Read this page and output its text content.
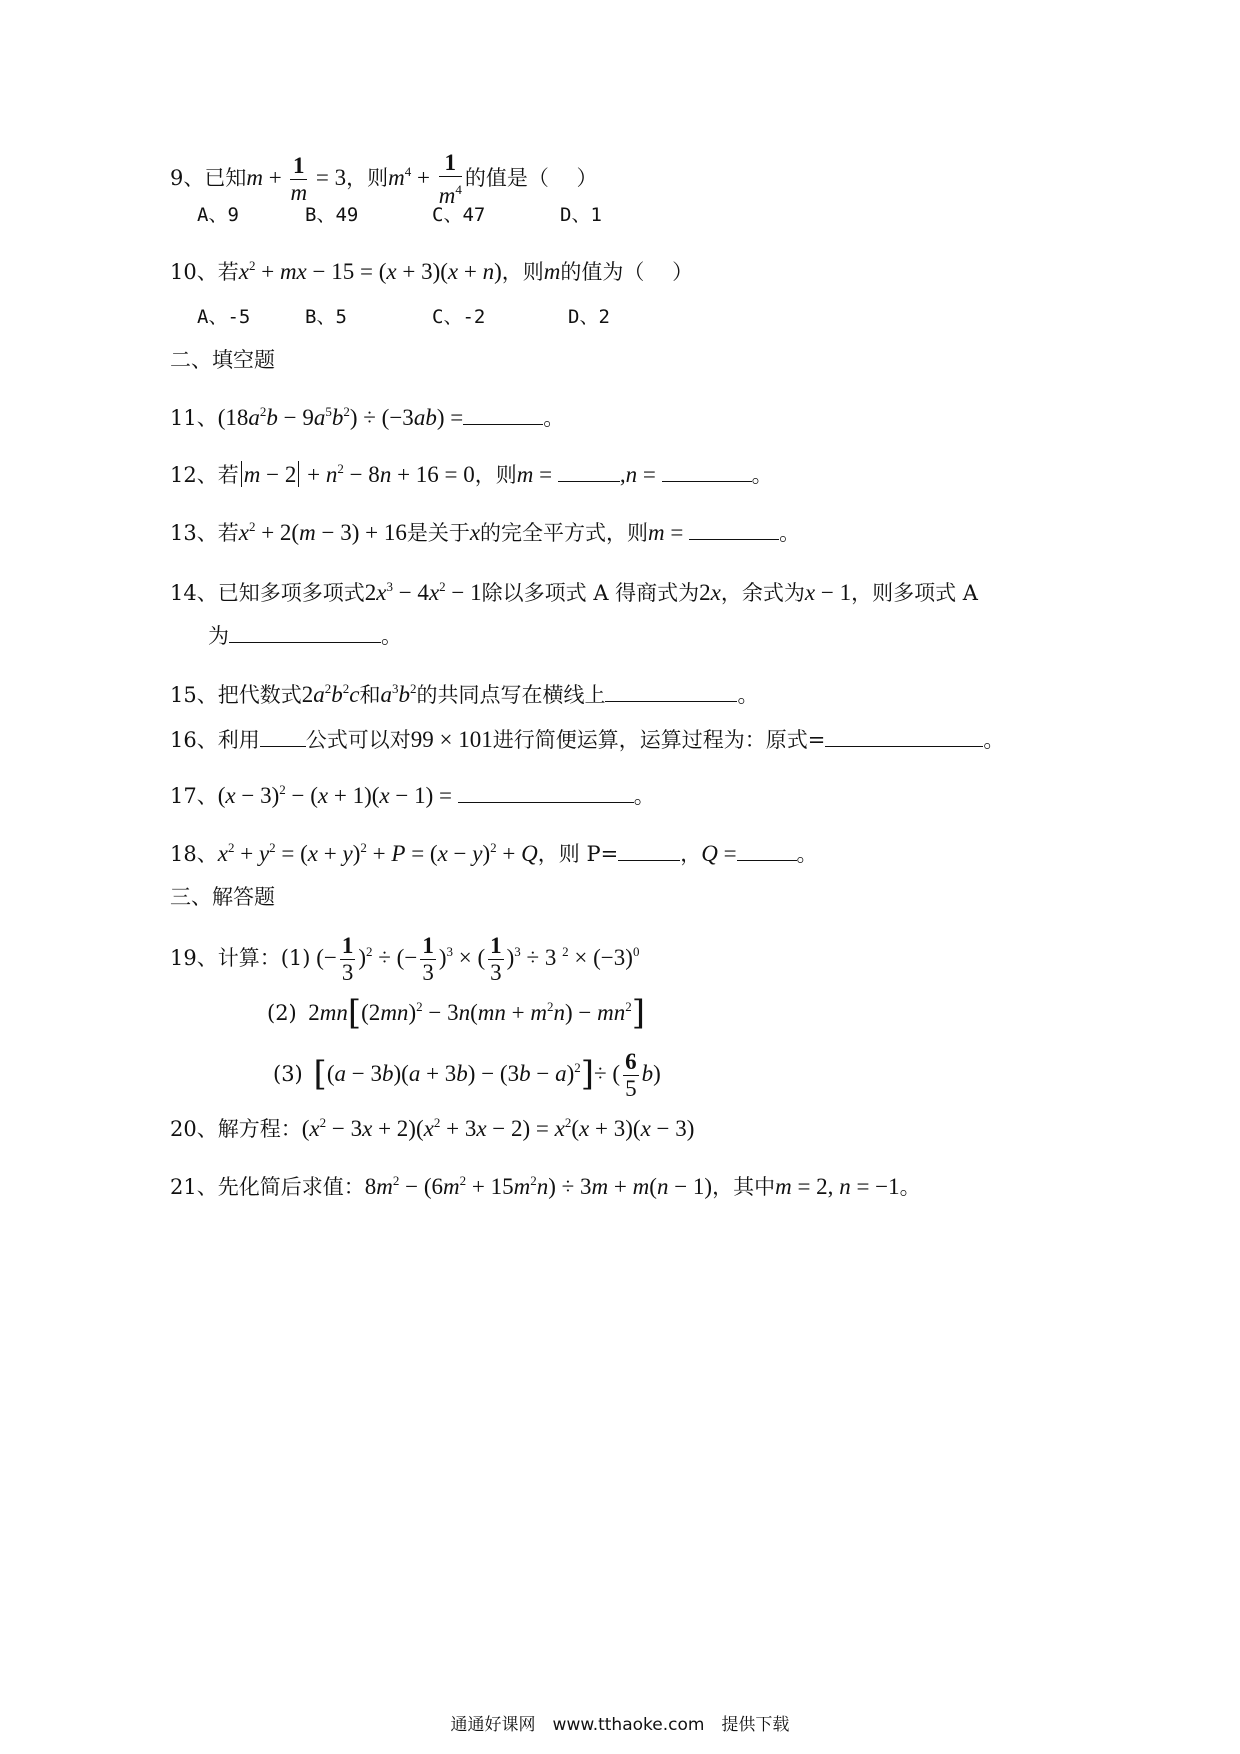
9、已知$m + \frac{1}{m} = 3$，则$m^4 + \frac{1}{m^4}$ 的值是（　 ）
A、9	B、49	C、47	D、1
10、若$x^2$ + mx − 15 = (x + 3)(x + n)，则m的值为（　 ）
A、-5	B、5	C、-2	D、2
二、填空题
11、$(18a^2b - 9a^5b^2) \div (-3ab)$ =	。
12、若 $m - 2 + n^2 - 8n + 16 = 0$，则m =	,n =	。
13、若$x^2 + 2(m - 3) + 16$是关于x的完全平方式，则m =	。
14、已知多项多项式$2x^3 - 4x^2 - 1$除以多项式 A 得商式为2x，余式为x − 1，则多项式 A
为	。
15、把代数式$2a^2b^2c$和$a^3b^2$的共同点写在横线上	。
16、利用 公式可以对99 × 101进行简便运算，运算过程为：原式=	。
17、$(x - 3)^2 - (x + 1)(x - 1)$ =	。
18、$x^2 + y^2 = (x + y)^2 + P = (x - y)^2 + Q$，则 P=	，Q =	。
三、解答题
19、计算：(1) (− $\frac{1}{3} )^2$ ÷ (− $\frac{1}{3} )^3$ × ( $\frac{1}{3} )^3 \div 3$ $^2 \times (-3)^0$
(2)  $2mn[(2mn)^2 - 3n(mn + m^2n) - mn^2]$
(3) $[(a - 3b)(a + 3b) - (3b - a)^2]\div$ ( $\frac{6}{5} b$)
20、解方程：$(x^2 - 3x + 2)(x^2 + 3x - 2) = x^2(x + 3)(x - 3)$
21、先化简后求值：$8m^2 - (6m^2 + 15m^2n) \div 3m + m(n - 1)$，其中m = 2, n = −1。
通通好课网　www.tthaoke.com　提供下载
